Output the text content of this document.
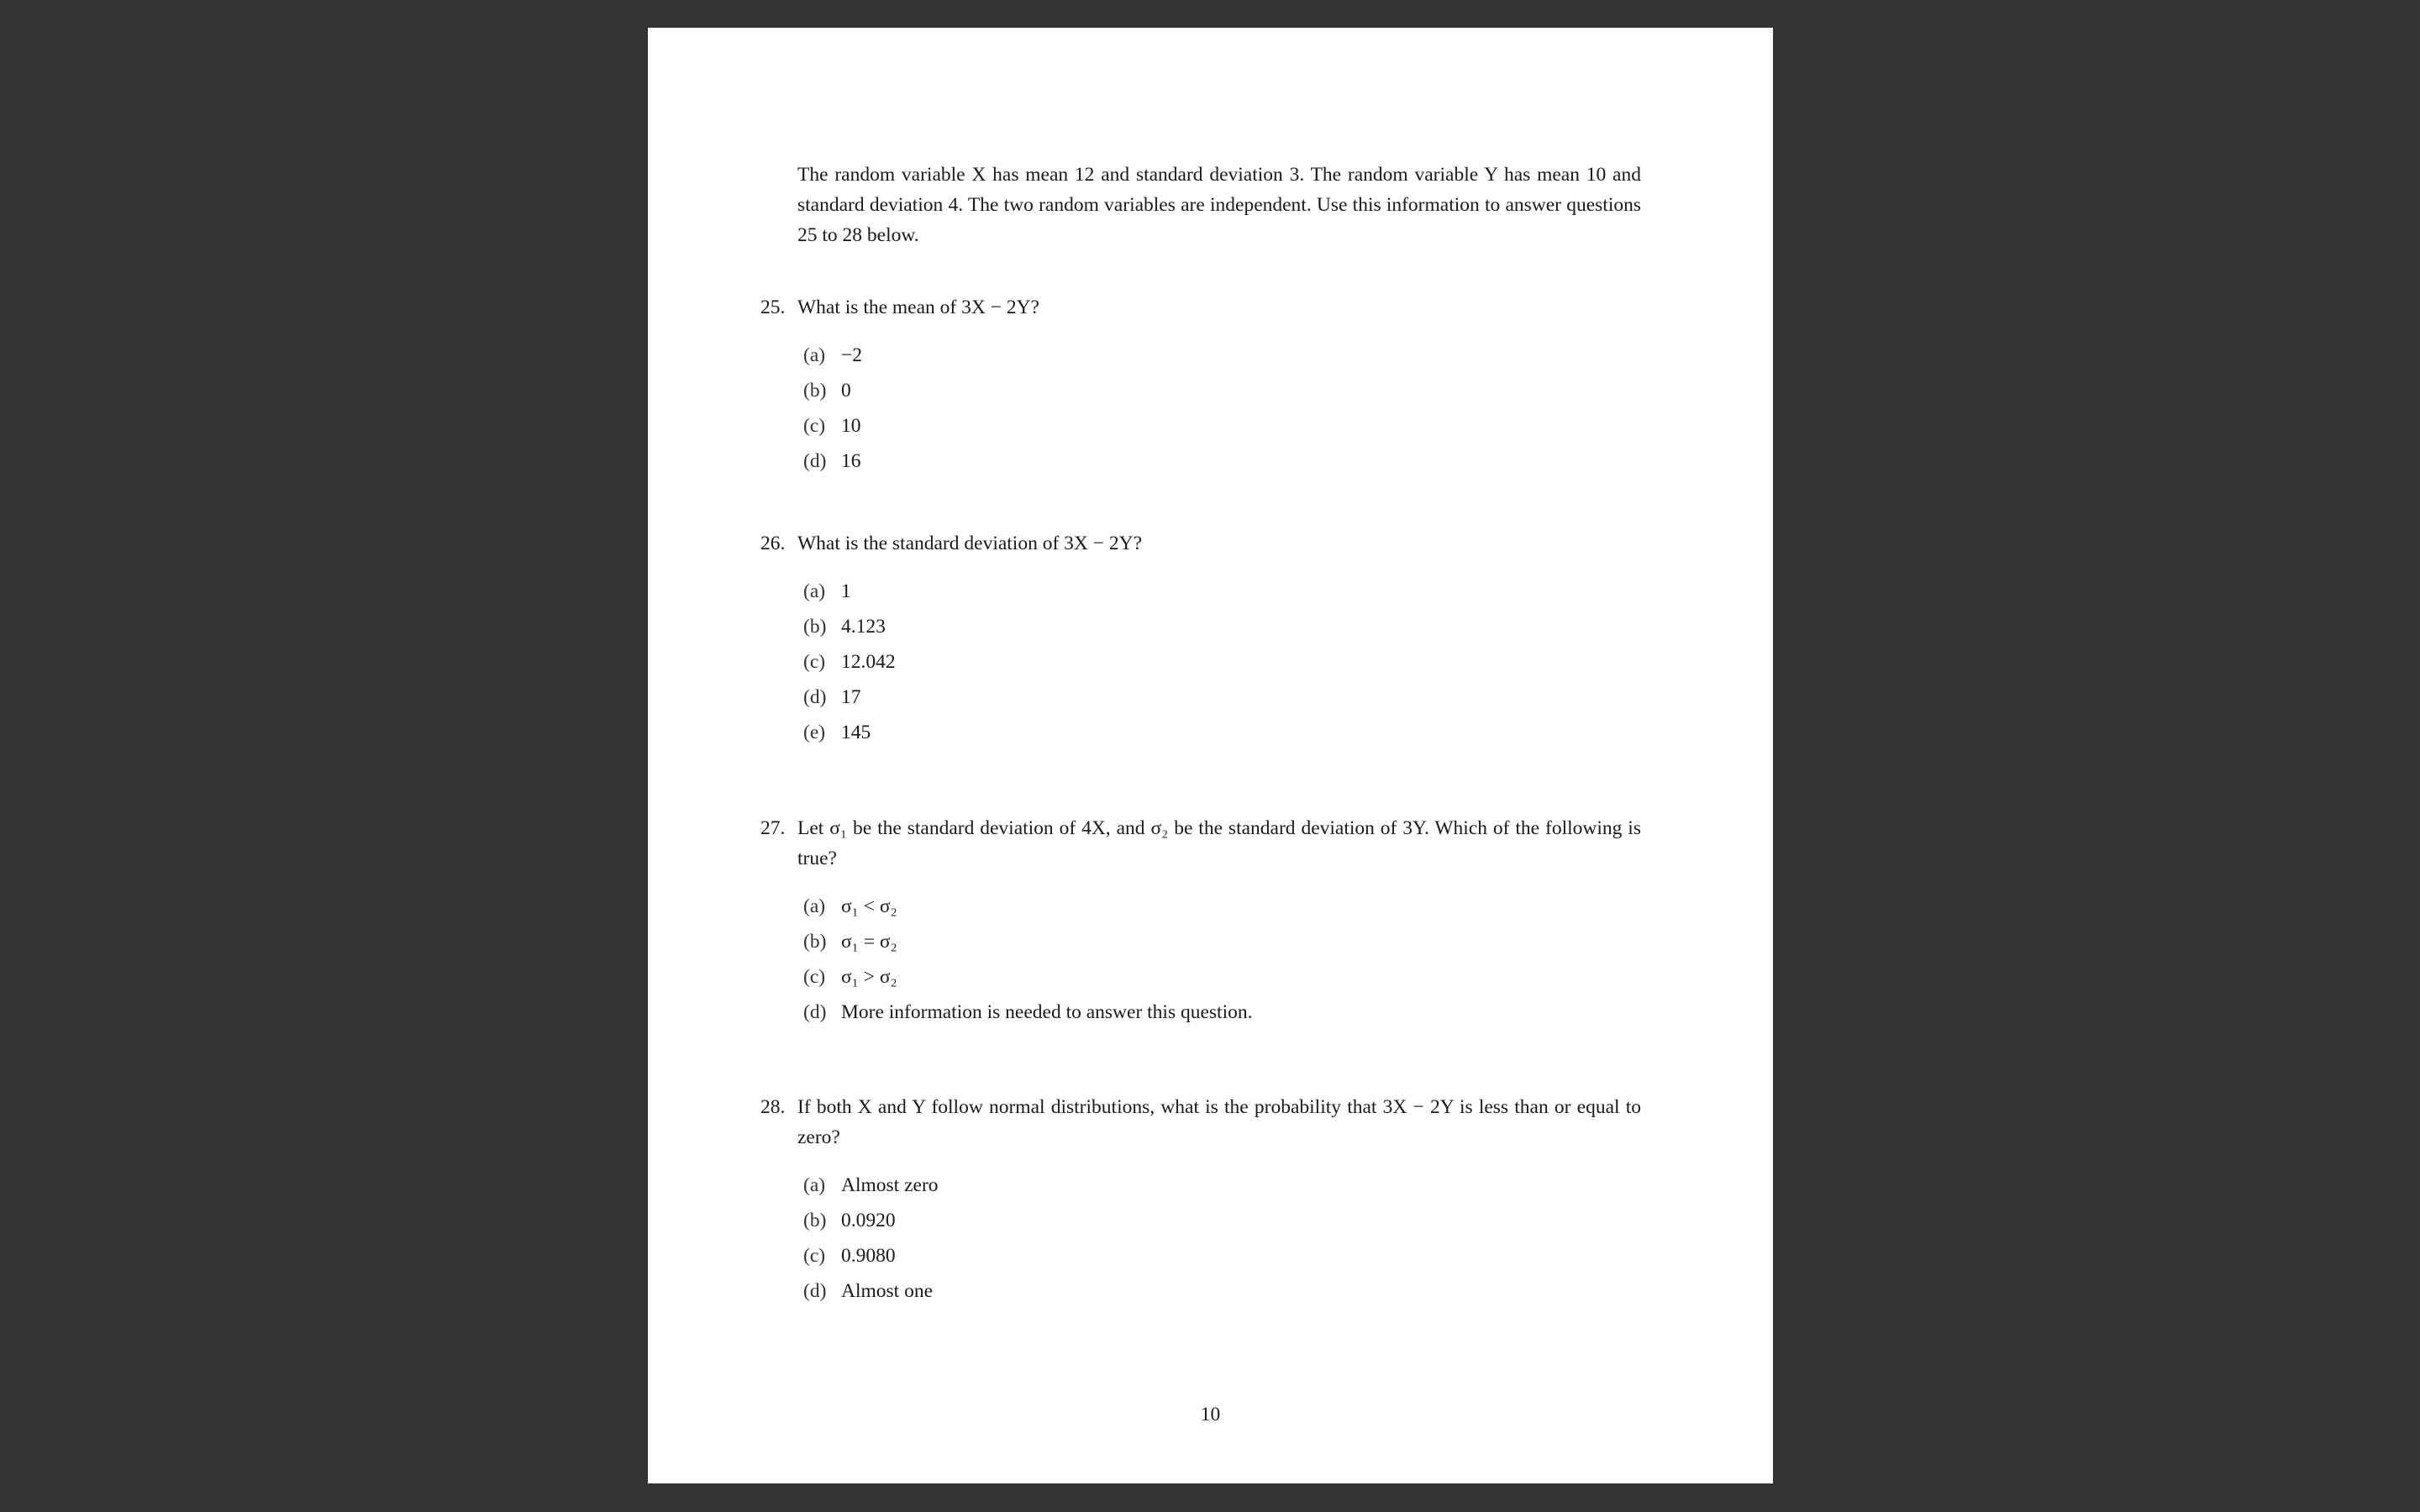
The random variable X has mean 12 and standard deviation 3. The random variable Y has mean 10 and standard deviation 4. The two random variables are independent. Use this information to answer questions 25 to 28 below.
25. What is the mean of 3X − 2Y?
(a) −2
(b) 0
(c) 10
(d) 16
26. What is the standard deviation of 3X − 2Y?
(a) 1
(b) 4.123
(c) 12.042
(d) 17
(e) 145
27. Let σ₁ be the standard deviation of 4X, and σ₂ be the standard deviation of 3Y. Which of the following is true?
(a) σ₁ < σ₂
(b) σ₁ = σ₂
(c) σ₁ > σ₂
(d) More information is needed to answer this question.
28. If both X and Y follow normal distributions, what is the probability that 3X − 2Y is less than or equal to zero?
(a) Almost zero
(b) 0.0920
(c) 0.9080
(d) Almost one
10
